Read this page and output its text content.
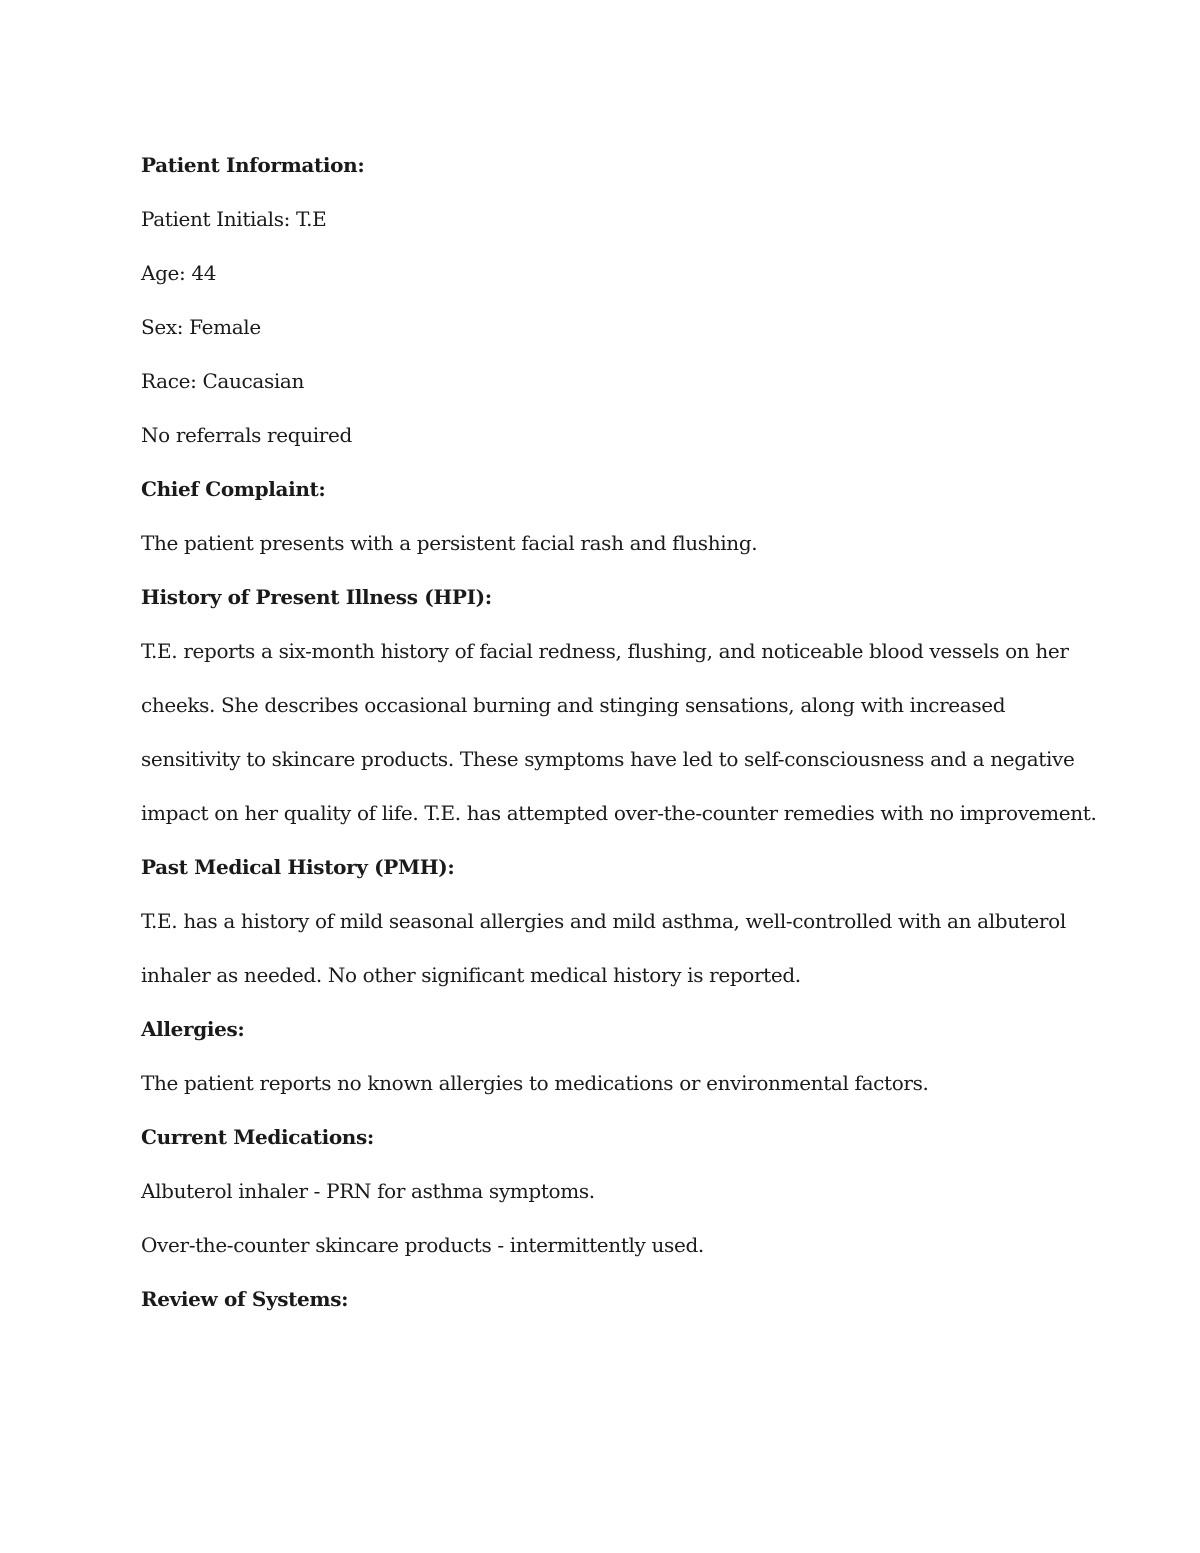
Patient Information:
Patient Initials: T.E
Age: 44
Sex: Female
Race: Caucasian
No referrals required
Chief Complaint:
The patient presents with a persistent facial rash and flushing.
History of Present Illness (HPI):
T.E. reports a six-month history of facial redness, flushing, and noticeable blood vessels on her
cheeks. She describes occasional burning and stinging sensations, along with increased
sensitivity to skincare products. These symptoms have led to self-consciousness and a negative
impact on her quality of life. T.E. has attempted over-the-counter remedies with no improvement.
Past Medical History (PMH):
T.E. has a history of mild seasonal allergies and mild asthma, well-controlled with an albuterol
inhaler as needed. No other significant medical history is reported.
Allergies:
The patient reports no known allergies to medications or environmental factors.
Current Medications:
Albuterol inhaler - PRN for asthma symptoms.
Over-the-counter skincare products - intermittently used.
Review of Systems:
